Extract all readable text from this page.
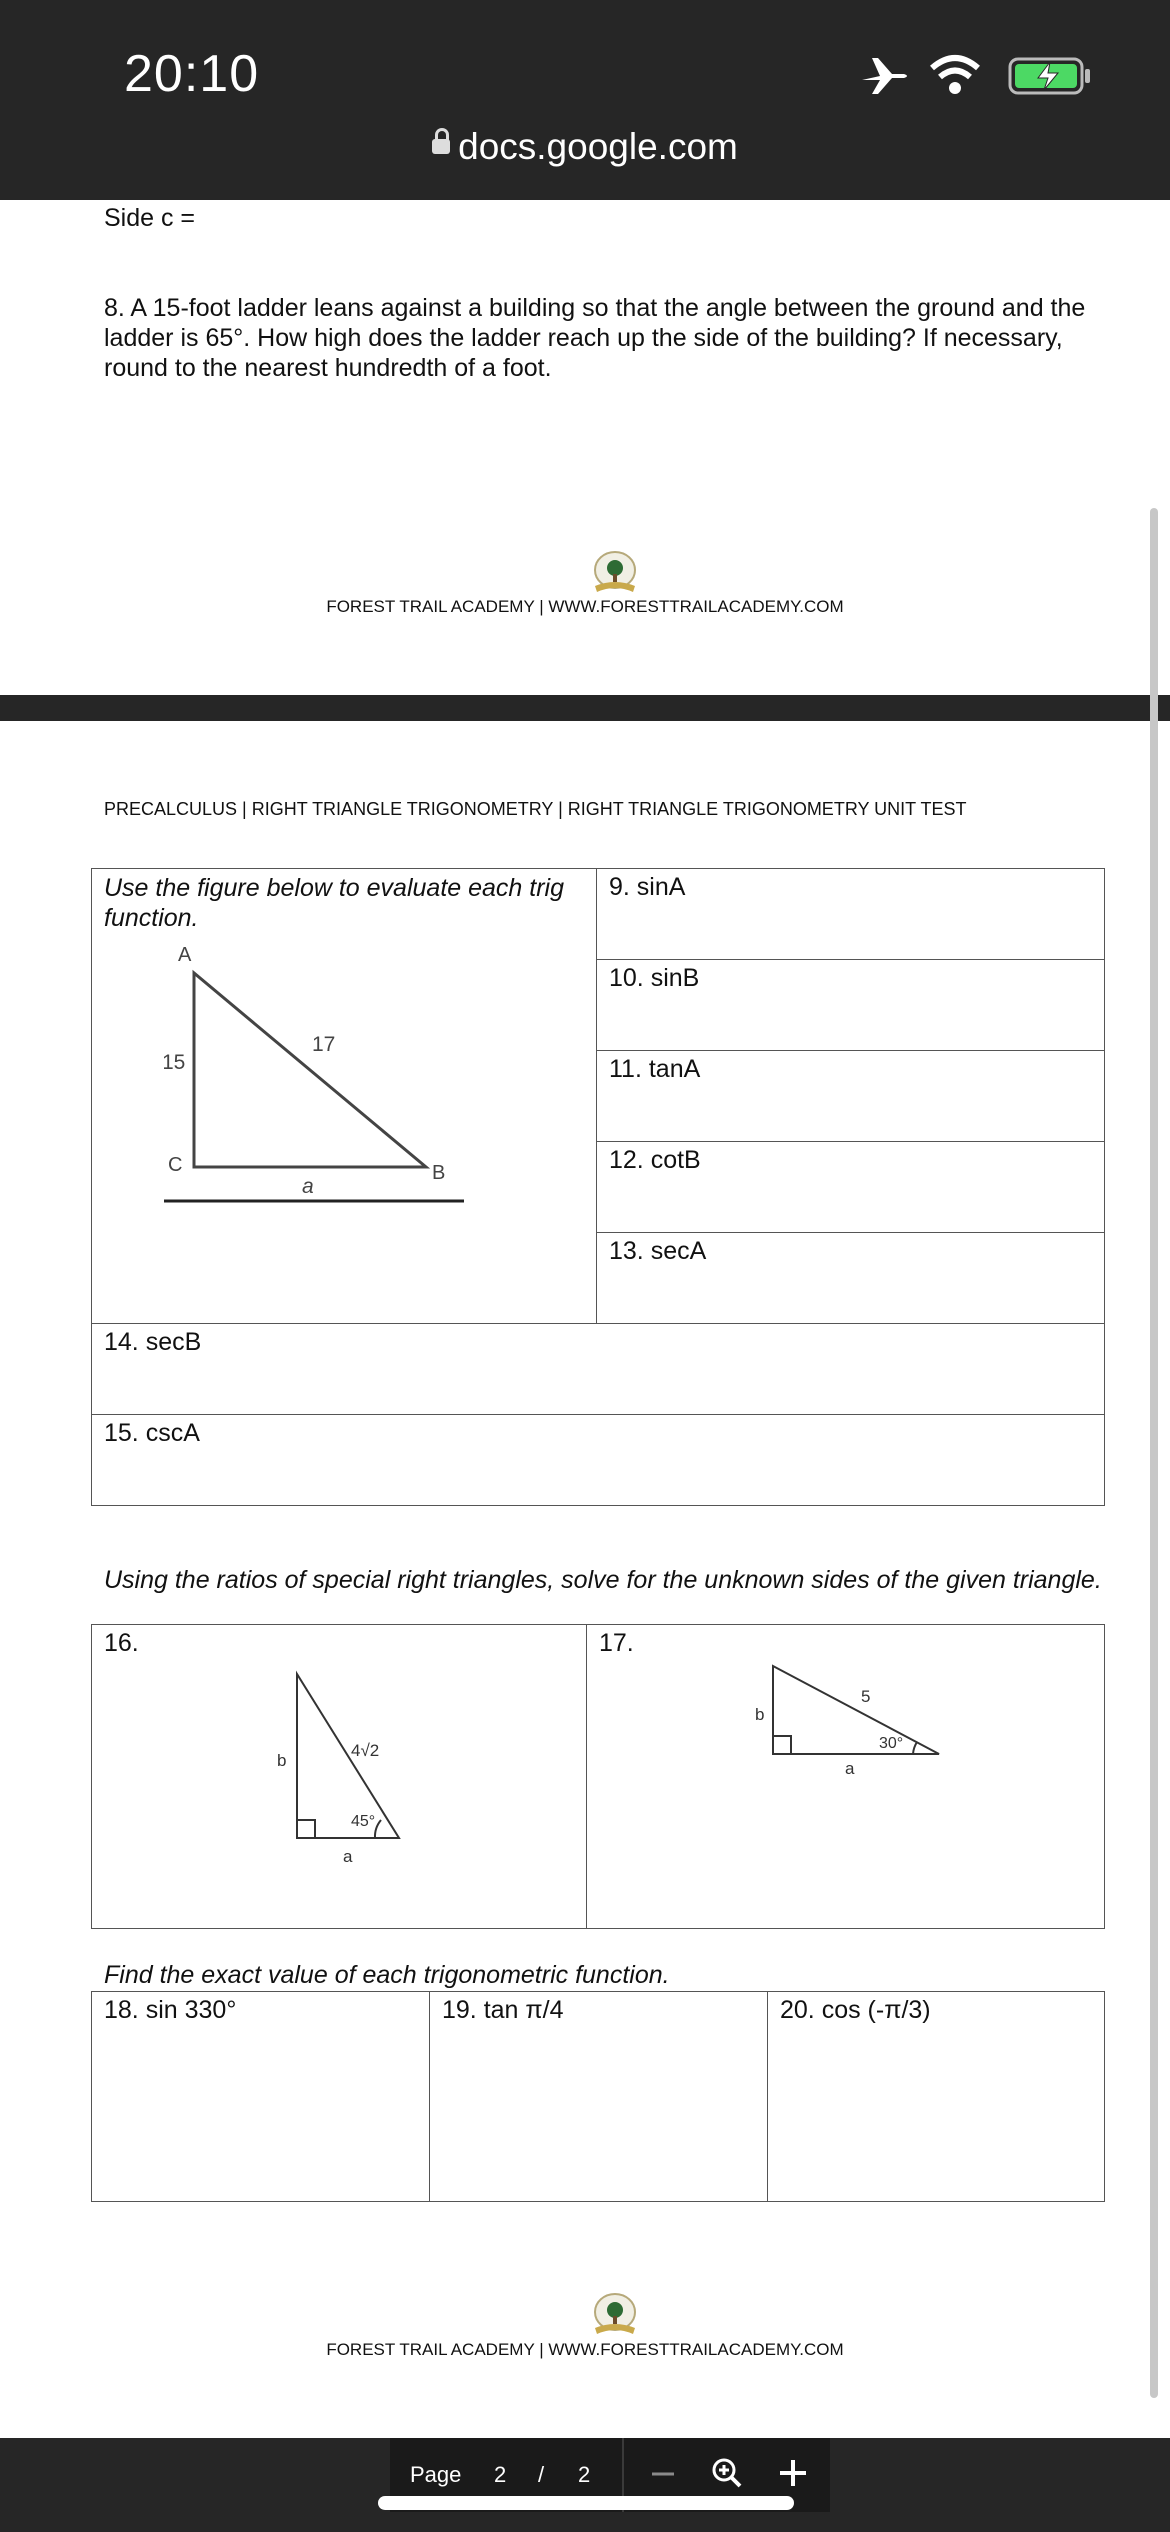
20:10
docs.google.com
Side c =
8. A 15-foot ladder leans against a building so that the angle between the ground and the ladder is 65°. How high does the ladder reach up the side of the building? If necessary, round to the nearest hundredth of a foot.
FOREST TRAIL ACADEMY | WWW.FORESTTRAILACADEMY.COM
PRECALCULUS | RIGHT TRIANGLE TRIGONOMETRY | RIGHT TRIANGLE TRIGONOMETRY UNIT TEST
Use the figure below to evaluate each trig function.
A
B
C
15
17
a
	9. sinA
10. sinB
11. tanA
12. cotB
13. secA
14. secB
15. cscA
Using the ratios of special right triangles, solve for the unknown sides of the given triangle.
16.
4√2
b
a
45°

17.
5
b
a
30°
Find the exact value of each trigonometric function.
18. sin 330°	19. tan π/4	20. cos (-π/3)
FOREST TRAIL ACADEMY | WWW.FORESTTRAILACADEMY.COM
Page 2 / 2
